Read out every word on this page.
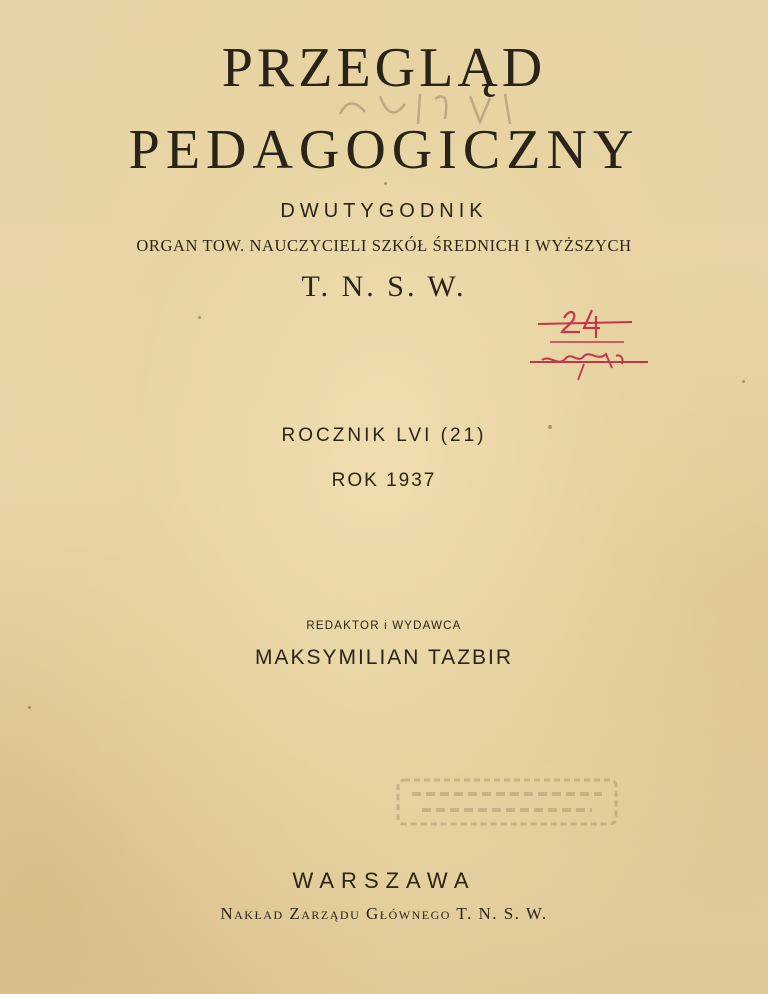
PRZEGLĄD
PEDAGOGICZNY
DWUTYGODNIK
ORGAN TOW. NAUCZYCIELI SZKÓŁ ŚREDNICH I WYŻSZYCH
T. N. S. W.
ROCZNIK LVI (21)
ROK 1937
REDAKTOR i WYDAWCA
MAKSYMILIAN TAZBIR
WARSZAWA
Nakład Zarządu Głównego T. N. S. W.
